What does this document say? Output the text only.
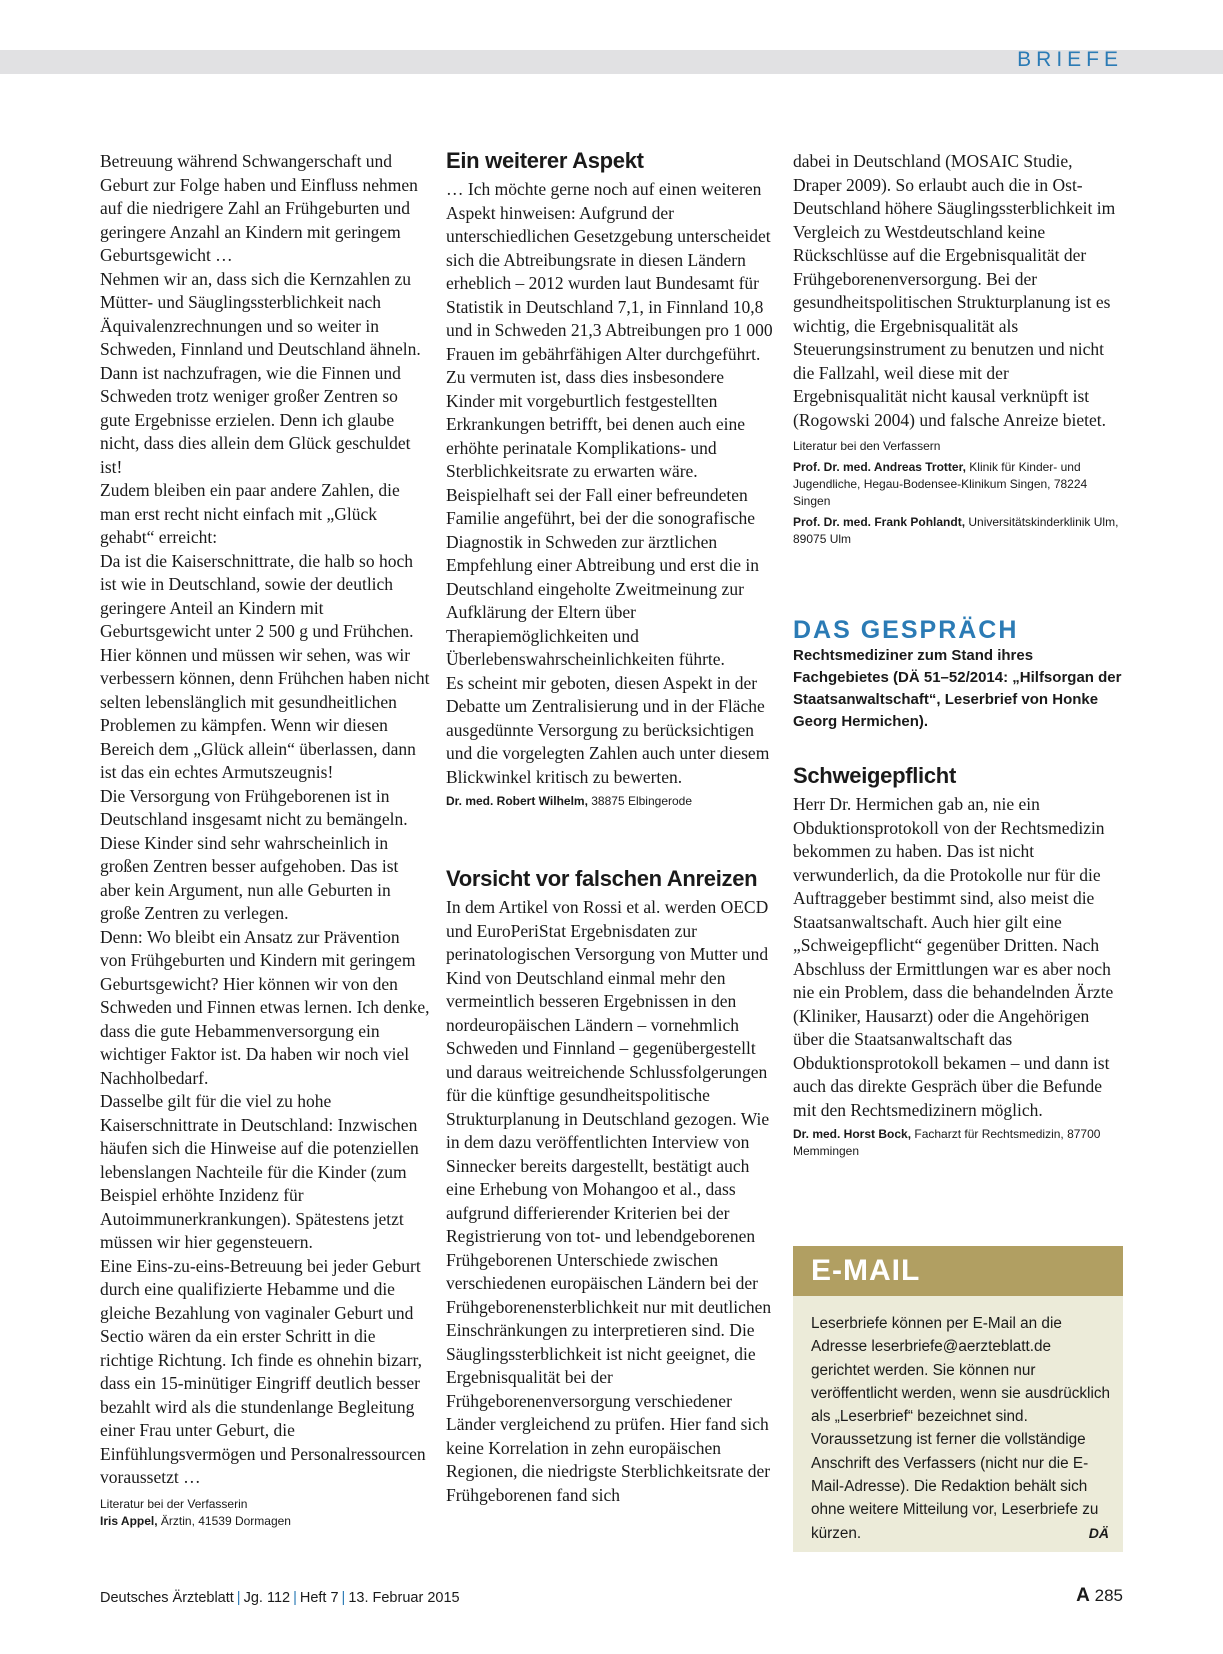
BRIEFE

Betreuung während Schwangerschaft und Geburt zur Folge haben und Einfluss nehmen auf die niedrigere Zahl an Frühgeburten und geringere Anzahl an Kindern mit geringem Geburtsgewicht …

Nehmen wir an, dass sich die Kernzahlen zu Mütter- und Säuglingssterblichkeit nach Äquivalenzrechnungen und so weiter in Schweden, Finnland und Deutschland ähneln. Dann ist nachzufragen, wie die Finnen und Schweden trotz weniger großer Zentren so gute Ergebnisse erzielen. Denn ich glaube nicht, dass dies allein dem Glück geschuldet ist!

Zudem bleiben ein paar andere Zahlen, die man erst recht nicht einfach mit „Glück gehabt“ erreicht:

Da ist die Kaiserschnittrate, die halb so hoch ist wie in Deutschland, sowie der deutlich geringere Anteil an Kindern mit Geburtsgewicht unter 2 500 g und Frühchen. Hier können und müssen wir sehen, was wir verbessern können, denn Frühchen haben nicht selten lebenslänglich mit gesundheitlichen Problemen zu kämpfen. Wenn wir diesen Bereich dem „Glück allein“ überlassen, dann ist das ein echtes Armutszeugnis!

Die Versorgung von Frühgeborenen ist in Deutschland insgesamt nicht zu bemängeln. Diese Kinder sind sehr wahrscheinlich in großen Zentren besser aufgehoben. Das ist aber kein Argument, nun alle Geburten in große Zentren zu verlegen.

Denn: Wo bleibt ein Ansatz zur Prävention von Frühgeburten und Kindern mit geringem Geburtsgewicht? Hier können wir von den Schweden und Finnen etwas lernen. Ich denke, dass die gute Hebammenversorgung ein wichtiger Faktor ist. Da haben wir noch viel Nachholbedarf.

Dasselbe gilt für die viel zu hohe Kaiserschnittrate in Deutschland: Inzwischen häufen sich die Hinweise auf die potenziellen lebenslangen Nachteile für die Kinder (zum Beispiel erhöhte Inzidenz für Autoimmunerkrankungen). Spätestens jetzt müssen wir hier gegensteuern.

Eine Eins-zu-eins-Betreuung bei jeder Geburt durch eine qualifizierte Hebamme und die gleiche Bezahlung von vaginaler Geburt und Sectio wären da ein erster Schritt in die richtige Richtung. Ich finde es ohnehin bizarr, dass ein 15-minütiger Eingriff deutlich besser bezahlt wird als die stundenlange Begleitung einer Frau unter Geburt, die Einfühlungsvermögen und Personalressourcen voraussetzt …

Literatur bei der Verfasserin

Iris Appel, Ärztin, 41539 Dormagen

Ein weiterer Aspekt

… Ich möchte gerne noch auf einen weiteren Aspekt hinweisen: Aufgrund der unterschiedlichen Gesetzgebung unterscheidet sich die Abtreibungsrate in diesen Ländern erheblich – 2012 wurden laut Bundesamt für Statistik in Deutschland 7,1, in Finnland 10,8 und in Schweden 21,3 Abtreibungen pro 1 000 Frauen im gebährfähigen Alter durchgeführt. Zu vermuten ist, dass dies insbesondere Kinder mit vorgeburtlich festgestellten Erkrankungen betrifft, bei denen auch eine erhöhte perinatale Komplikations- und Sterblichkeitsrate zu erwarten wäre. Beispielhaft sei der Fall einer befreundeten Familie angeführt, bei der die sonografische Diagnostik in Schweden zur ärztlichen Empfehlung einer Abtreibung und erst die in Deutschland eingeholte Zweitmeinung zur Aufklärung der Eltern über Therapiemöglichkeiten und Überlebenswahrscheinlichkeiten führte.

Es scheint mir geboten, diesen Aspekt in der Debatte um Zentralisierung und in der Fläche ausgedünnte Versorgung zu berücksichtigen und die vorgelegten Zahlen auch unter diesem Blickwinkel kritisch zu bewerten.

Dr. med. Robert Wilhelm, 38875 Elbingerode

Vorsicht vor falschen Anreizen

In dem Artikel von Rossi et al. werden OECD und EuroPeriStat Ergebnisdaten zur perinatologischen Versorgung von Mutter und Kind von Deutschland einmal mehr den vermeintlich besseren Ergebnissen in den nordeuropäischen Ländern – vornehmlich Schweden und Finnland – gegenübergestellt und daraus weitreichende Schlussfolgerungen für die künftige gesundheitspolitische Strukturplanung in Deutschland gezogen. Wie in dem dazu veröffentlichten Interview von Sinnecker bereits dargestellt, bestätigt auch eine Erhebung von Mohangoo et al., dass aufgrund differierender Kriterien bei der Registrierung von tot- und lebendgeborenen Frühgeborenen Unterschiede zwischen verschiedenen europäischen Ländern bei der Frühgeborenensterblichkeit nur mit deutlichen Einschränkungen zu interpretieren sind. Die Säuglingssterblichkeit ist nicht geeignet, die Ergebnisqualität bei der Frühgeborenenversorgung verschiedener Länder vergleichend zu prüfen. Hier fand sich keine Korrelation in zehn europäischen Regionen, die niedrigste Sterblichkeitsrate der Frühgeborenen fand sich

dabei in Deutschland (MOSAIC Studie, Draper 2009). So erlaubt auch die in Ost-Deutschland höhere Säuglingssterblichkeit im Vergleich zu Westdeutschland keine Rückschlüsse auf die Ergebnisqualität der Frühgeborenenversorgung. Bei der gesundheitspolitischen Strukturplanung ist es wichtig, die Ergebnisqualität als Steuerungsinstrument zu benutzen und nicht die Fallzahl, weil diese mit der Ergebnisqualität nicht kausal verknüpft ist (Rogowski 2004) und falsche Anreize bietet.

Literatur bei den Verfassern

Prof. Dr. med. Andreas Trotter, Klinik für Kinder- und Jugendliche, Hegau-Bodensee-Klinikum Singen, 78224 Singen

Prof. Dr. med. Frank Pohlandt, Universitätskinderklinik Ulm, 89075 Ulm

DAS GESPRÄCH

Rechtsmediziner zum Stand ihres Fachgebietes (DÄ 51–52/2014: „Hilfsorgan der Staatsanwaltschaft“, Leserbrief von Honke Georg Hermichen).

Schweigepflicht

Herr Dr. Hermichen gab an, nie ein Obduktionsprotokoll von der Rechtsmedizin bekommen zu haben. Das ist nicht verwunderlich, da die Protokolle nur für die Auftraggeber bestimmt sind, also meist die Staatsanwaltschaft. Auch hier gilt eine „Schweigepflicht“ gegenüber Dritten. Nach Abschluss der Ermittlungen war es aber noch nie ein Problem, dass die behandelnden Ärzte (Kliniker, Hausarzt) oder die Angehörigen über die Staatsanwaltschaft das Obduktionsprotokoll bekamen – und dann ist auch das direkte Gespräch über die Befunde mit den Rechtsmedizinern möglich.

Dr. med. Horst Bock, Facharzt für Rechtsmedizin, 87700 Memmingen

E-MAIL

Leserbriefe können per E-Mail an die Adresse leserbriefe@aerzteblatt.de gerichtet werden. Sie können nur veröffentlicht werden, wenn sie ausdrücklich als „Leserbrief“ bezeichnet sind. Voraussetzung ist ferner die vollständige Anschrift des Verfassers (nicht nur die E-Mail-Adresse). Die Redaktion behält sich ohne weitere Mitteilung vor, Leserbriefe zu kürzen.	DÄ

Deutsches Ärzteblatt | Jg. 112 | Heft 7 | 13. Februar 2015	A 285
